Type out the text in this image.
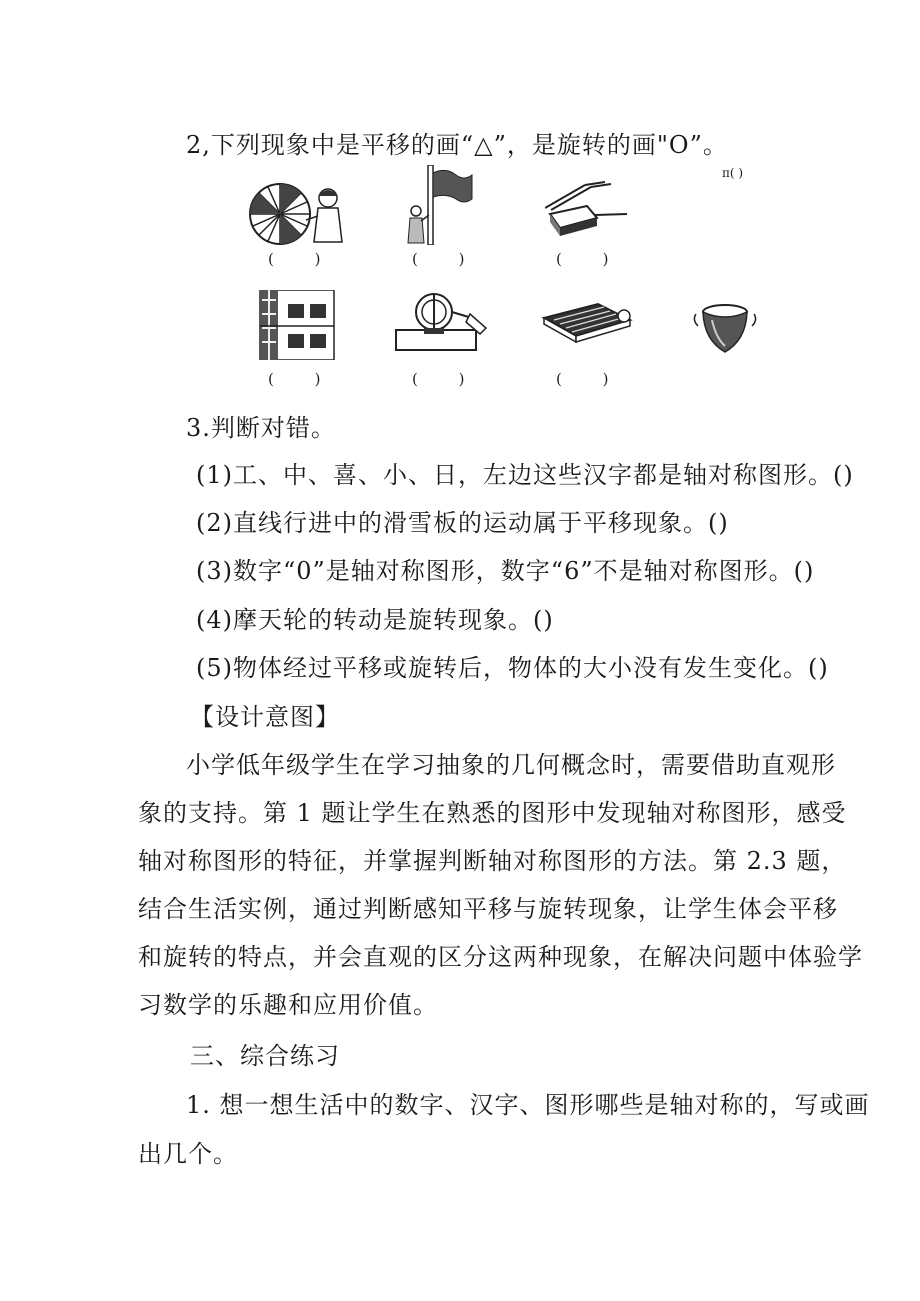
2,下列现象中是平移的画“△”，是旋转的画"O”。
π( )
( )	( )	( )
( )	( )	( )
3.判断对错。
(1)工、中、喜、小、日，左边这些汉字都是轴对称图形。()
(2)直线行进中的滑雪板的运动属于平移现象。()
(3)数字“0”是轴对称图形，数字“6”不是轴对称图形。()
(4)摩天轮的转动是旋转现象。()
(5)物体经过平移或旋转后，物体的大小没有发生变化。()
【设计意图】
小学低年级学生在学习抽象的几何概念时，需要借助直观形
象的支持。第 1 题让学生在熟悉的图形中发现轴对称图形，感受
轴对称图形的特征，并掌握判断轴对称图形的方法。第 2.3 题，
结合生活实例，通过判断感知平移与旋转现象，让学生体会平移
和旋转的特点，并会直观的区分这两种现象，在解决问题中体验学
习数学的乐趣和应用价值。
三、综合练习
1. 想一想生活中的数字、汉字、图形哪些是轴对称的，写或画
出几个。
